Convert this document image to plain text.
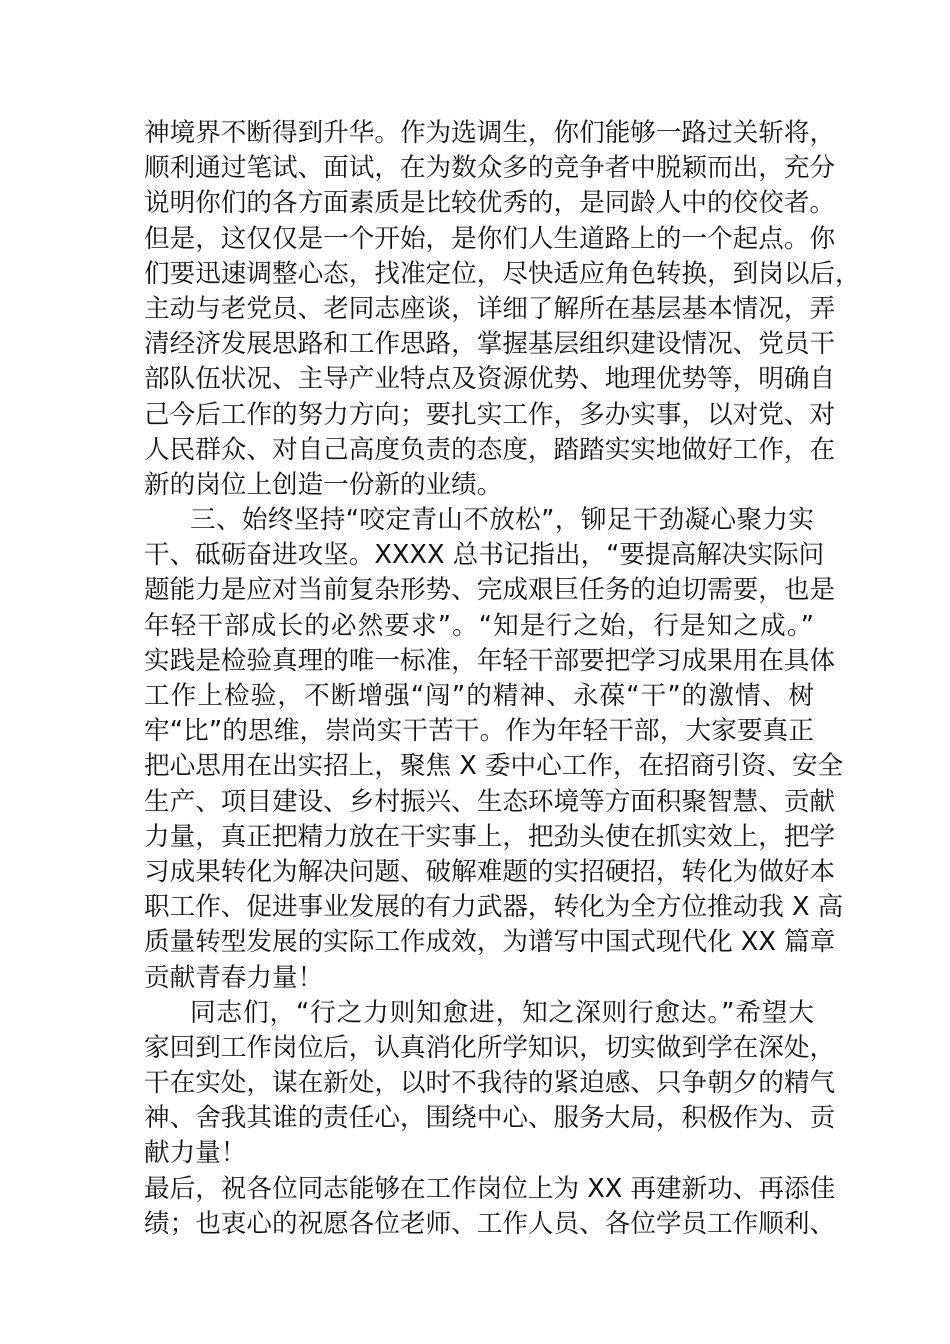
神境界不断得到升华。作为选调生，你们能够一路过关斩将，
顺利通过笔试、面试，在为数众多的竞争者中脱颖而出，充分
说明你们的各方面素质是比较优秀的，是同龄人中的佼佼者。
但是，这仅仅是一个开始，是你们人生道路上的一个起点。你
们要迅速调整心态，找准定位，尽快适应角色转换，到岗以后，
主动与老党员、老同志座谈，详细了解所在基层基本情况，弄
清经济发展思路和工作思路，掌握基层组织建设情况、党员干
部队伍状况、主导产业特点及资源优势、地理优势等，明确自
己今后工作的努力方向；要扎实工作，多办实事，以对党、对
人民群众、对自己高度负责的态度，踏踏实实地做好工作，在
新的岗位上创造一份新的业绩。
三、始终坚持“咬定青山不放松”，铆足干劲凝心聚力实
干、砥砺奋进攻坚。XXXX 总书记指出，“要提高解决实际问
题能力是应对当前复杂形势、完成艰巨任务的迫切需要，也是
年轻干部成长的必然要求”。“知是行之始，行是知之成。”
实践是检验真理的唯一标准，年轻干部要把学习成果用在具体
工作上检验，不断增强“闯”的精神、永葆“干”的激情、树
牢“比”的思维，崇尚实干苦干。作为年轻干部，大家要真正
把心思用在出实招上，聚焦 X 委中心工作，在招商引资、安全
生产、项目建设、乡村振兴、生态环境等方面积聚智慧、贡献
力量，真正把精力放在干实事上，把劲头使在抓实效上，把学
习成果转化为解决问题、破解难题的实招硬招，转化为做好本
职工作、促进事业发展的有力武器，转化为全方位推动我 X 高
质量转型发展的实际工作成效，为谱写中国式现代化 XX 篇章
贡献青春力量！
同志们，“行之力则知愈进，知之深则行愈达。”希望大
家回到工作岗位后，认真消化所学知识，切实做到学在深处，
干在实处，谋在新处，以时不我待的紧迫感、只争朝夕的精气
神、舍我其谁的责任心，围绕中心、服务大局，积极作为、贡
献力量！
最后，祝各位同志能够在工作岗位上为 XX 再建新功、再添佳
绩；也衷心的祝愿各位老师、工作人员、各位学员工作顺利、
